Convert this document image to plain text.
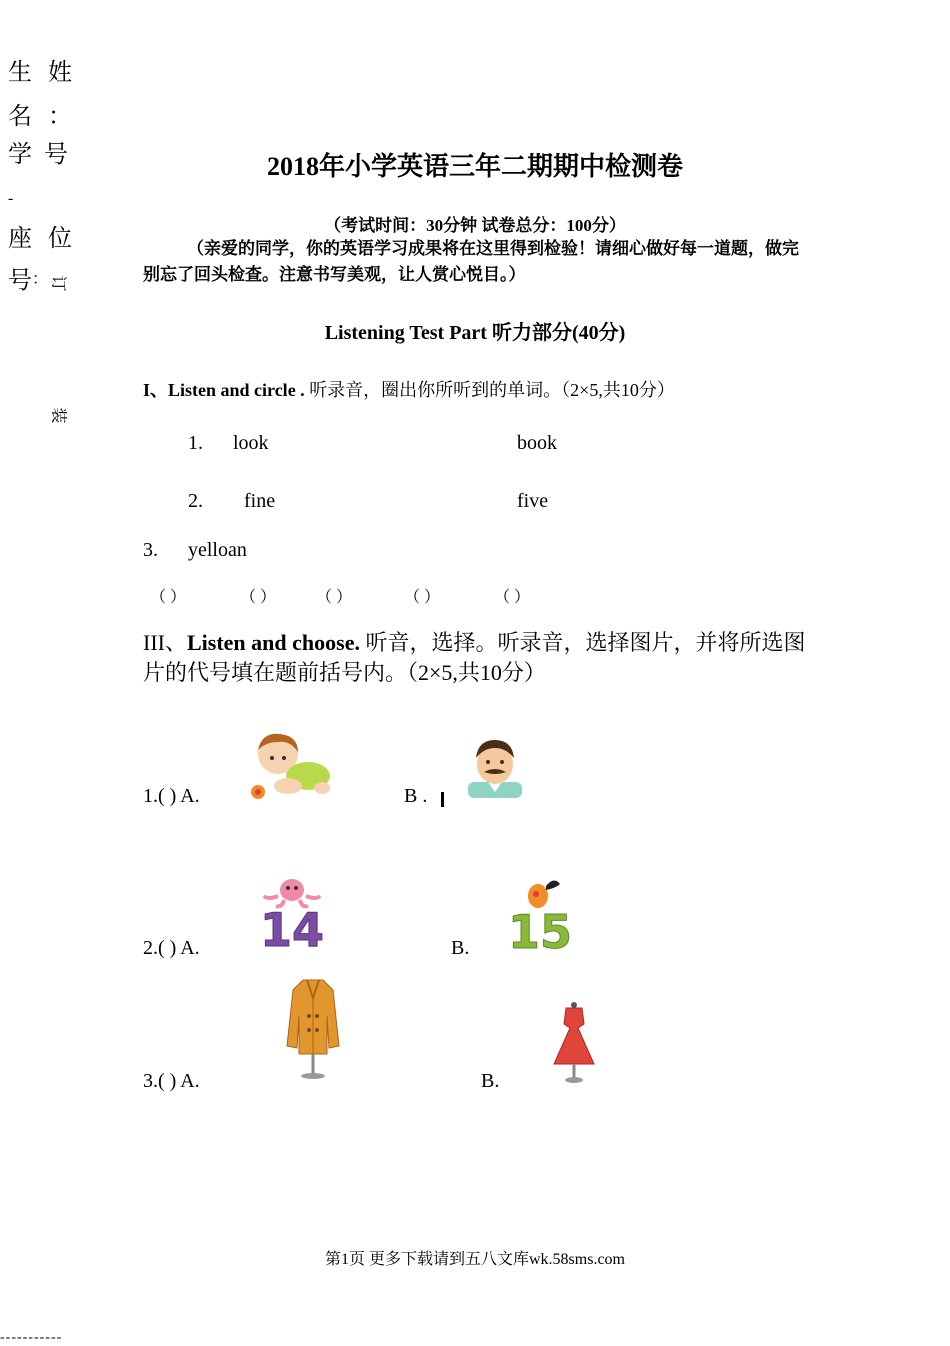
生 姓
名 ：
学 号
-
座 位
号
： 订
装
2018年小学英语三年二期期中检测卷
（考试时间：30分钟 试卷总分：100分）
（亲爱的同学，你的英语学习成果将在这里得到检验！请细心做好每一道题，做完别忘了回头检查。注意书写美观，让人赏心悦目。）
Listening Test Part 听力部分(40分)
I、Listen and circle . 听录音，圈出你所听到的单词。（2×5,共10分）
1. look	book
2. fine	five
3. yelloan
（ ）	（ ） （ ）	（ ）	（ ）
III、Listen and choose. 听音，选择。听录音，选择图片，并将所选图片的代号填在题前括号内。（2×5,共10分）
1.( ) A.	B .
2.( ) A. 14	B. 15
3.( ) A.	B.
第1页 更多下载请到五八文库wk.58sms.com
-----------
